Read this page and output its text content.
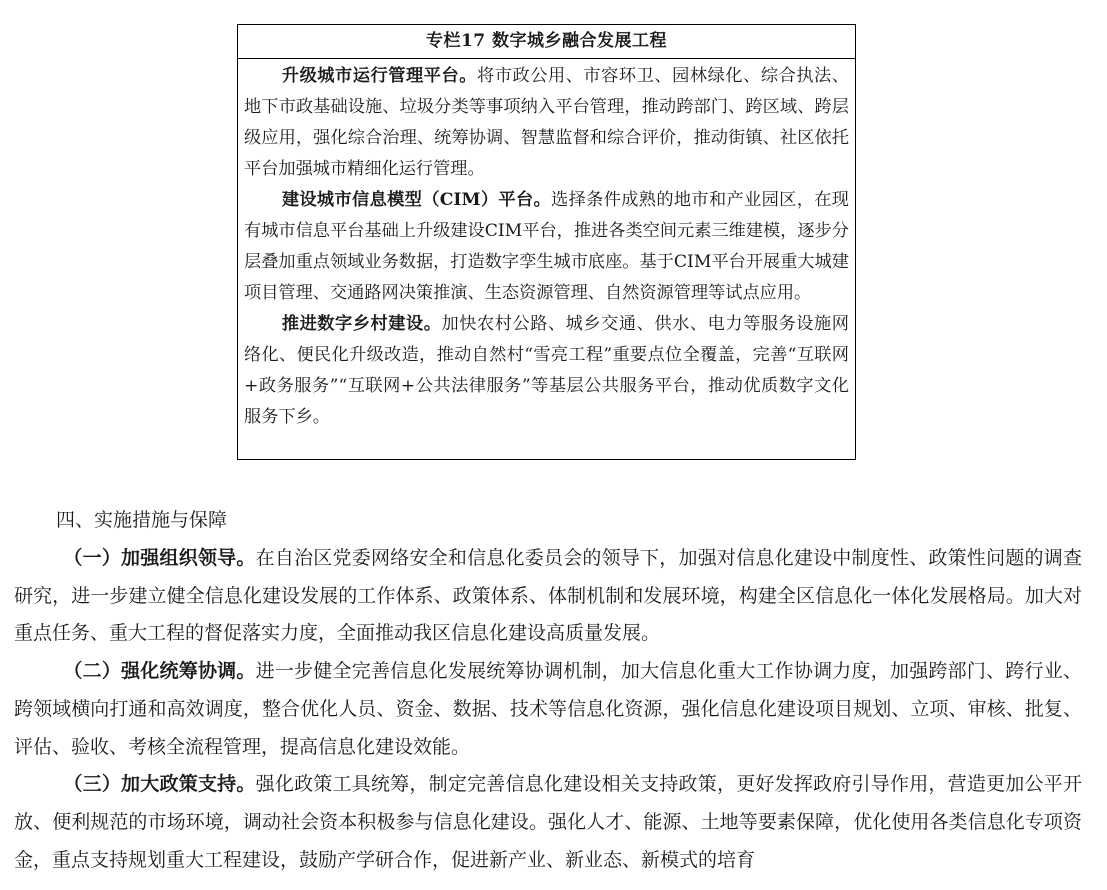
专栏17 数字城乡融合发展工程

升级城市运行管理平台。将市政公用、市容环卫、园林绿化、综合执法、地下市政基础设施、垃圾分类等事项纳入平台管理，推动跨部门、跨区域、跨层级应用，强化综合治理、统筹协调、智慧监督和综合评价，推动街镇、社区依托平台加强城市精细化运行管理。

建设城市信息模型（CIM）平台。选择条件成熟的地市和产业园区，在现有城市信息平台基础上升级建设CIM平台，推进各类空间元素三维建模，逐步分层叠加重点领域业务数据，打造数字孪生城市底座。基于CIM平台开展重大城建项目管理、交通路网决策推演、生态资源管理、自然资源管理等试点应用。

推进数字乡村建设。加快农村公路、城乡交通、供水、电力等服务设施网络化、便民化升级改造，推动自然村“雪亮工程”重要点位全覆盖，完善“互联网+政务服务”“互联网+公共法律服务”等基层公共服务平台，推动优质数字文化服务下乡。

四、实施措施与保障

（一）加强组织领导。在自治区党委网络安全和信息化委员会的领导下，加强对信息化建设中制度性、政策性问题的调查研究，进一步建立健全信息化建设发展的工作体系、政策体系、体制机制和发展环境，构建全区信息化一体化发展格局。加大对重点任务、重大工程的督促落实力度，全面推动我区信息化建设高质量发展。

（二）强化统筹协调。进一步健全完善信息化发展统筹协调机制，加大信息化重大工作协调力度，加强跨部门、跨行业、跨领域横向打通和高效调度，整合优化人员、资金、数据、技术等信息化资源，强化信息化建设项目规划、立项、审核、批复、评估、验收、考核全流程管理，提高信息化建设效能。

（三）加大政策支持。强化政策工具统筹，制定完善信息化建设相关支持政策，更好发挥政府引导作用，营造更加公平开放、便利规范的市场环境，调动社会资本积极参与信息化建设。强化人才、能源、土地等要素保障，优化使用各类信息化专项资金，重点支持规划重大工程建设，鼓励产学研合作，促进新产业、新业态、新模式的培育
